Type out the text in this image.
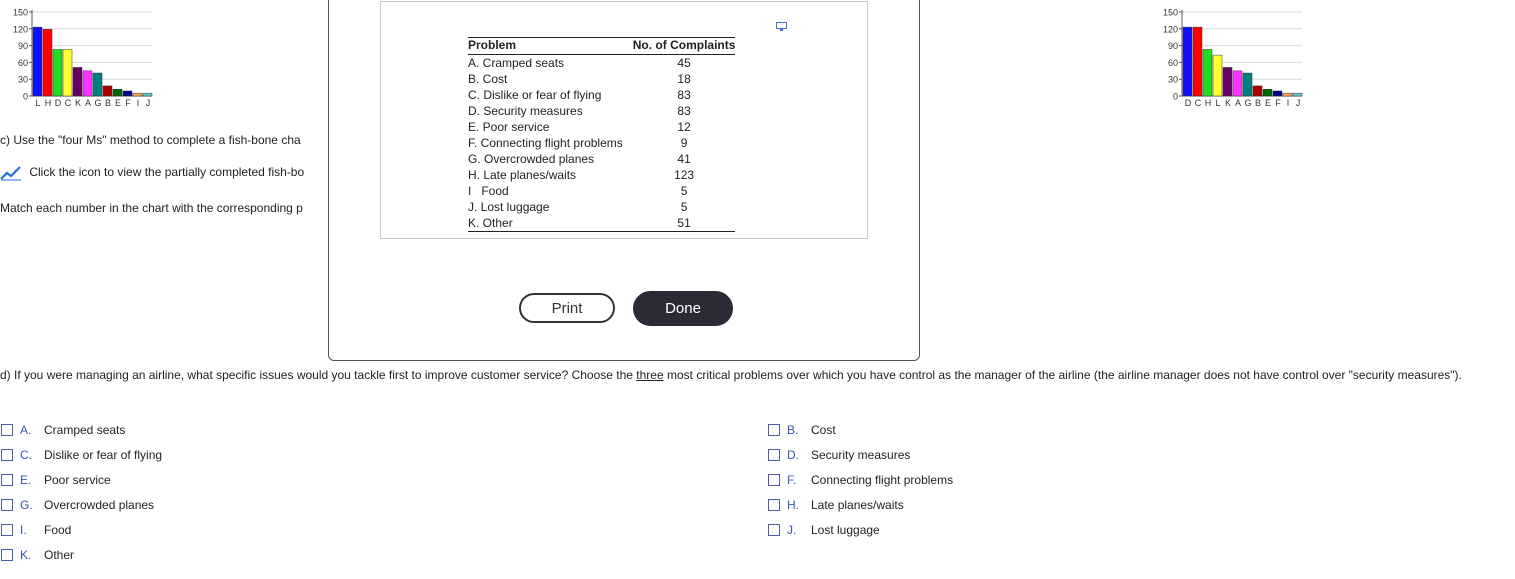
150
120
90
60
30
0
L H D C K A G B E F I J
150
120
90
60
30
0
D C H L K A G B E F I J
c) Use the "four Ms" method to complete a fish-bone cha
Click the icon to view the partially completed fish-bo
Match each number in the chart with the corresponding p
Problem	No. of Complaints
A. Cramped seats	45
B. Cost	18
C. Dislike or fear of flying	83
D. Security measures	83
E. Poor service	12
F. Connecting flight problems	9
G. Overcrowded planes	41
H. Late planes/waits	123
I   Food	5
J. Lost luggage	5
K. Other	51
Print	Done
d) If you were managing an airline, what specific issues would you tackle first to improve customer service? Choose the three most critical problems over which you have control as the manager of the airline (the airline manager does not have control over "security measures").
A. Cramped seats
C. Dislike or fear of flying
E. Poor service
G. Overcrowded planes
I. Food
K. Other
B. Cost
D. Security measures
F. Connecting flight problems
H. Late planes/waits
J. Lost luggage
